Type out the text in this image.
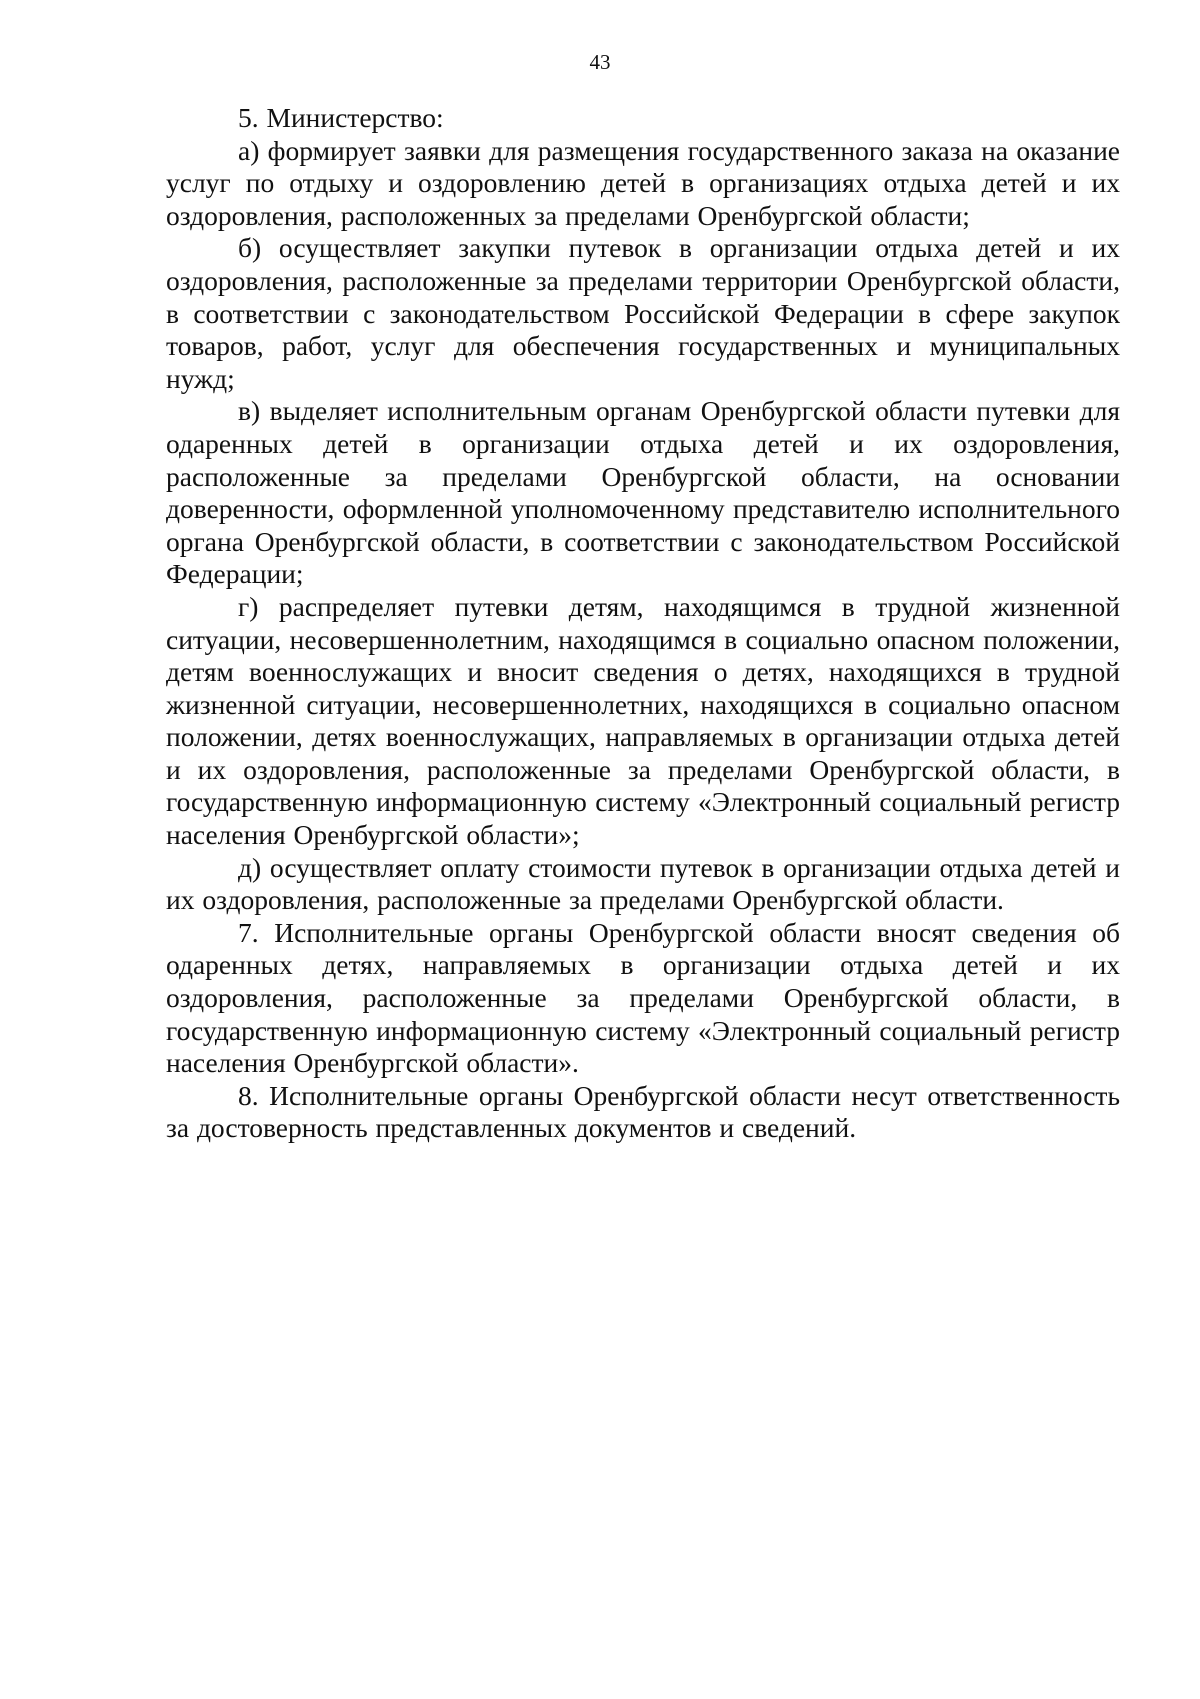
43

5. Министерство:

а) формирует заявки для размещения государственного заказа на оказание услуг по отдыху и оздоровлению детей в организациях отдыха детей и их оздоровления, расположенных за пределами Оренбургской области;

б) осуществляет закупки путевок в организации отдыха детей и их оздоровления, расположенные за пределами территории Оренбургской области, в соответствии с законодательством Российской Федерации в сфере закупок товаров, работ, услуг для обеспечения государственных и муниципальных нужд;

в) выделяет исполнительным органам Оренбургской области путевки для одаренных детей в организации отдыха детей и их оздоровления, расположенные за пределами Оренбургской области, на основании доверенности, оформленной уполномоченному представителю исполнительного органа Оренбургской области, в соответствии с законодательством Российской Федерации;

г) распределяет путевки детям, находящимся в трудной жизненной ситуации, несовершеннолетним, находящимся в социально опасном положении, детям военнослужащих и вносит сведения о детях, находящихся в трудной жизненной ситуации, несовершеннолетних, находящихся в социально опасном положении, детях военнослужащих, направляемых в организации отдыха детей и их оздоровления, расположенные за пределами Оренбургской области, в государственную информационную систему «Электронный социальный регистр населения Оренбургской области»;

д) осуществляет оплату стоимости путевок в организации отдыха детей и их оздоровления, расположенные за пределами Оренбургской области.

7. Исполнительные органы Оренбургской области вносят сведения об одаренных детях, направляемых в организации отдыха детей и их оздоровления, расположенные за пределами Оренбургской области, в государственную информационную систему «Электронный социальный регистр населения Оренбургской области».

8. Исполнительные органы Оренбургской области несут ответственность за достоверность представленных документов и сведений.
